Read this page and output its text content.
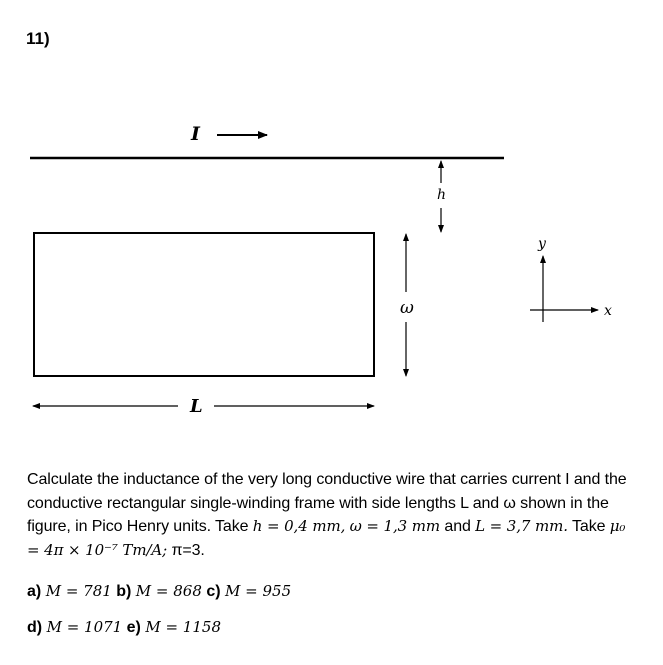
11)
I
h
ω
L
x
y
Calculate the inductance of the very long conductive wire that carries current I and the conductive rectangular single-winding frame with side lengths L and ω shown in the figure, in Pico Henry units. Take h = 0,4 mm, ω = 1,3 mm and L = 3,7 mm. Take μ₀ = 4π × 10⁻⁷ Tm/A; π=3.
a) M = 781 b) M = 868 c) M = 955
d) M = 1071 e) M = 1158
